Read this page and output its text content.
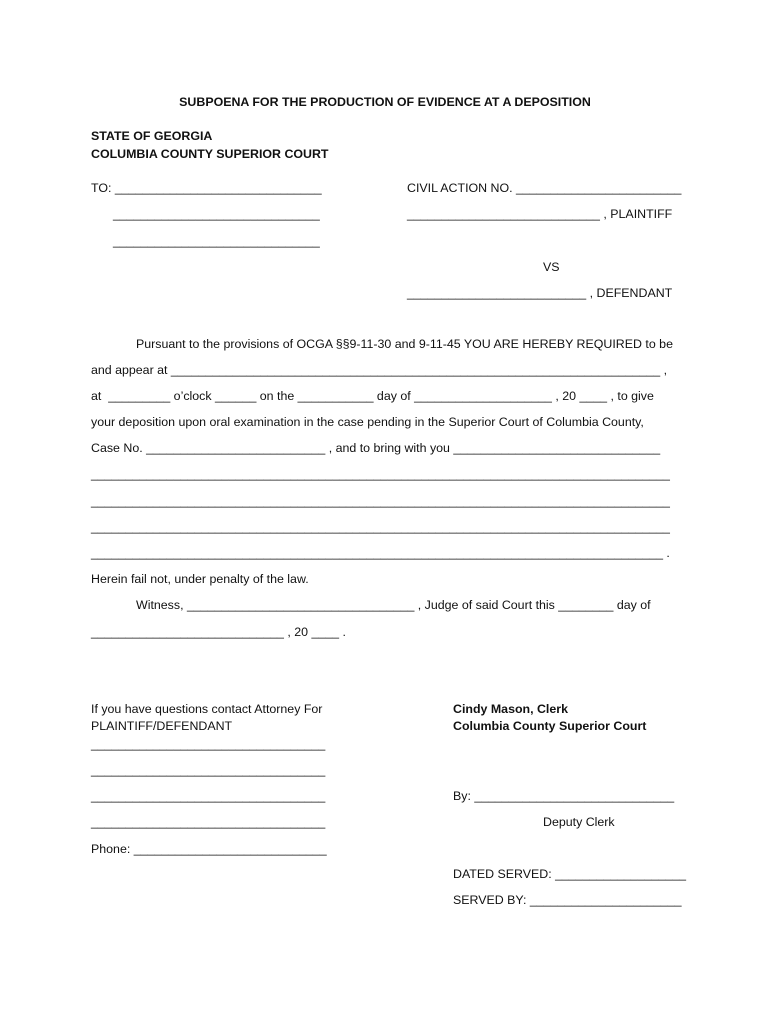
SUBPOENA FOR THE PRODUCTION OF EVIDENCE AT A DEPOSITION
STATE OF GEORGIA
COLUMBIA COUNTY SUPERIOR COURT
TO: ______________________________
______________________________
______________________________
CIVIL ACTION NO. ________________________
____________________________ , PLAINTIFF
VS
__________________________ , DEFENDANT
Pursuant to the provisions of OCGA §§9-11-30 and 9-11-45 YOU ARE HEREBY REQUIRED to be
and appear at _______________________________________________________________________ ,
at  _________ o’clock ______ on the ___________ day of ____________________ , 20 ____ , to give
your deposition upon oral examination in the case pending in the Superior Court of Columbia County,
Case No. __________________________ , and to bring with you ______________________________
____________________________________________________________________________________
____________________________________________________________________________________
____________________________________________________________________________________
___________________________________________________________________________________ .
Herein fail not, under penalty of the law.
Witness, _________________________________ , Judge of said Court this ________ day of
____________________________ , 20 ____ .
If you have questions contact Attorney For
PLAINTIFF/DEFENDANT
__________________________________
__________________________________
__________________________________
__________________________________
Phone: ____________________________
Cindy Mason, Clerk
Columbia County Superior Court
By: _____________________________
Deputy Clerk
DATED SERVED: ___________________
SERVED BY: ______________________
